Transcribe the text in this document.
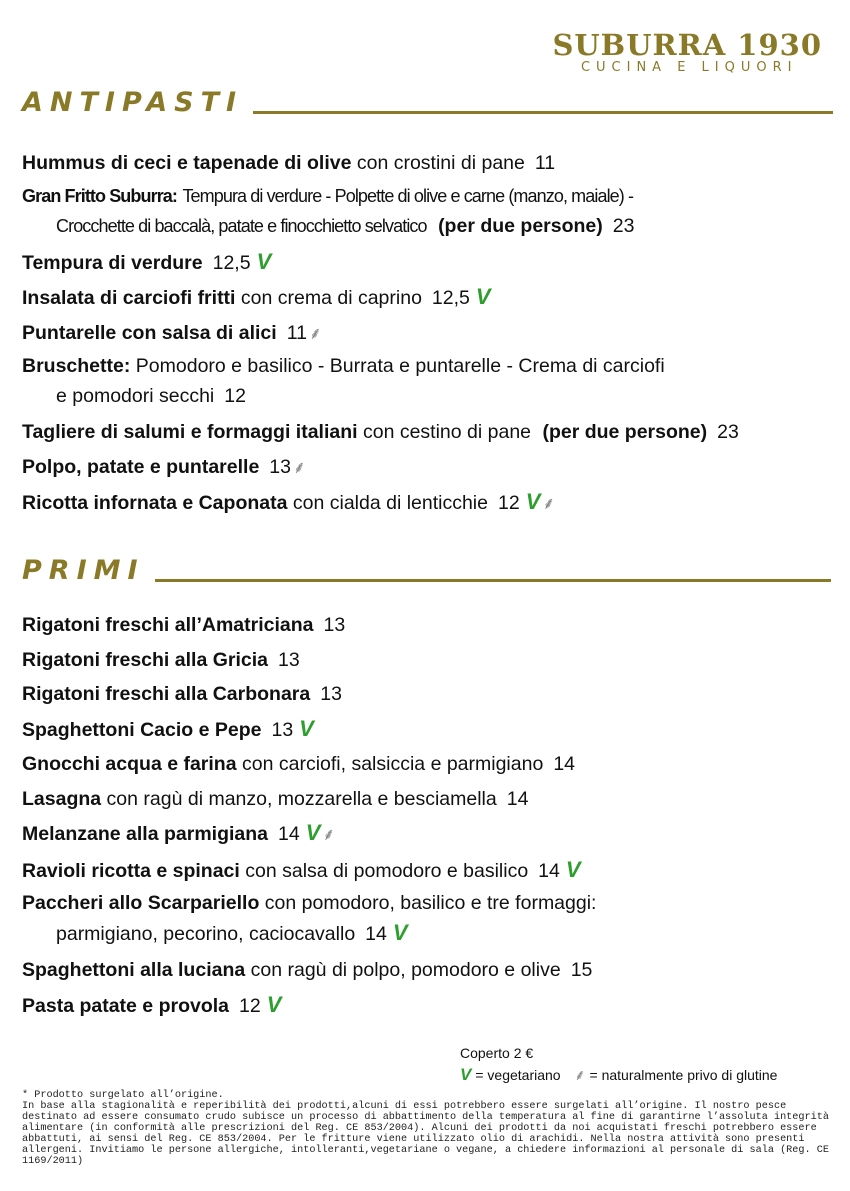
SUBURRA 1930
CUCINA E LIQUORI
ANTIPASTI
Hummus di ceci e tapenade di olive con crostini di pane 11
Gran Fritto Suburra: Tempura di verdure - Polpette di olive e carne (manzo, maiale) -
Crocchette di baccalà, patate e finocchietto selvatico (per due persone) 23
Tempura di verdure 12,5 V
Insalata di carciofi fritti con crema di caprino 12,5 V
Puntarelle con salsa di alici 11 ⸙
Bruschette: Pomodoro e basilico - Burrata e puntarelle - Crema di carciofi
e pomodori secchi 12
Tagliere di salumi e formaggi italiani con cestino di pane (per due persone) 23
Polpo, patate e puntarelle 13 ⸙
Ricotta infornata e Caponata con cialda di lenticchie 12 V ⸙
PRIMI
Rigatoni freschi all’Amatriciana 13
Rigatoni freschi alla Gricia 13
Rigatoni freschi alla Carbonara 13
Spaghettoni Cacio e Pepe 13 V
Gnocchi acqua e farina con carciofi, salsiccia e parmigiano 14
Lasagna con ragù di manzo, mozzarella e besciamella 14
Melanzane alla parmigiana 14 V ⸙
Ravioli ricotta e spinaci con salsa di pomodoro e basilico 14 V
Paccheri allo Scarpariello con pomodoro, basilico e tre formaggi:
parmigiano, pecorino, caciocavallo 14 V
Spaghettoni alla luciana con ragù di polpo, pomodoro e olive 15
Pasta patate e provola 12 V
Coperto 2 €
V = vegetariano ⸙ = naturalmente privo di glutine
* Prodotto surgelato all’origine.
In base alla stagionalità e reperibilità dei prodotti,alcuni di essi potrebbero essere surgelati all’origine. Il nostro pesce destinato ad essere consumato crudo subisce un processo di abbattimento della temperatura al fine di garantirne l’assoluta integrità alimentare (in conformità alle prescrizioni del Reg. CE 853/2004). Alcuni dei prodotti da noi acquistati freschi potrebbero essere abbattuti, ai sensi del Reg. CE 853/2004. Per le fritture viene utilizzato olio di arachidi. Nella nostra attività sono presenti allergeni. Invitiamo le persone allergiche, intolleranti,vegetariane o vegane, a chiedere informazioni al personale di sala (Reg. CE 1169/2011)
